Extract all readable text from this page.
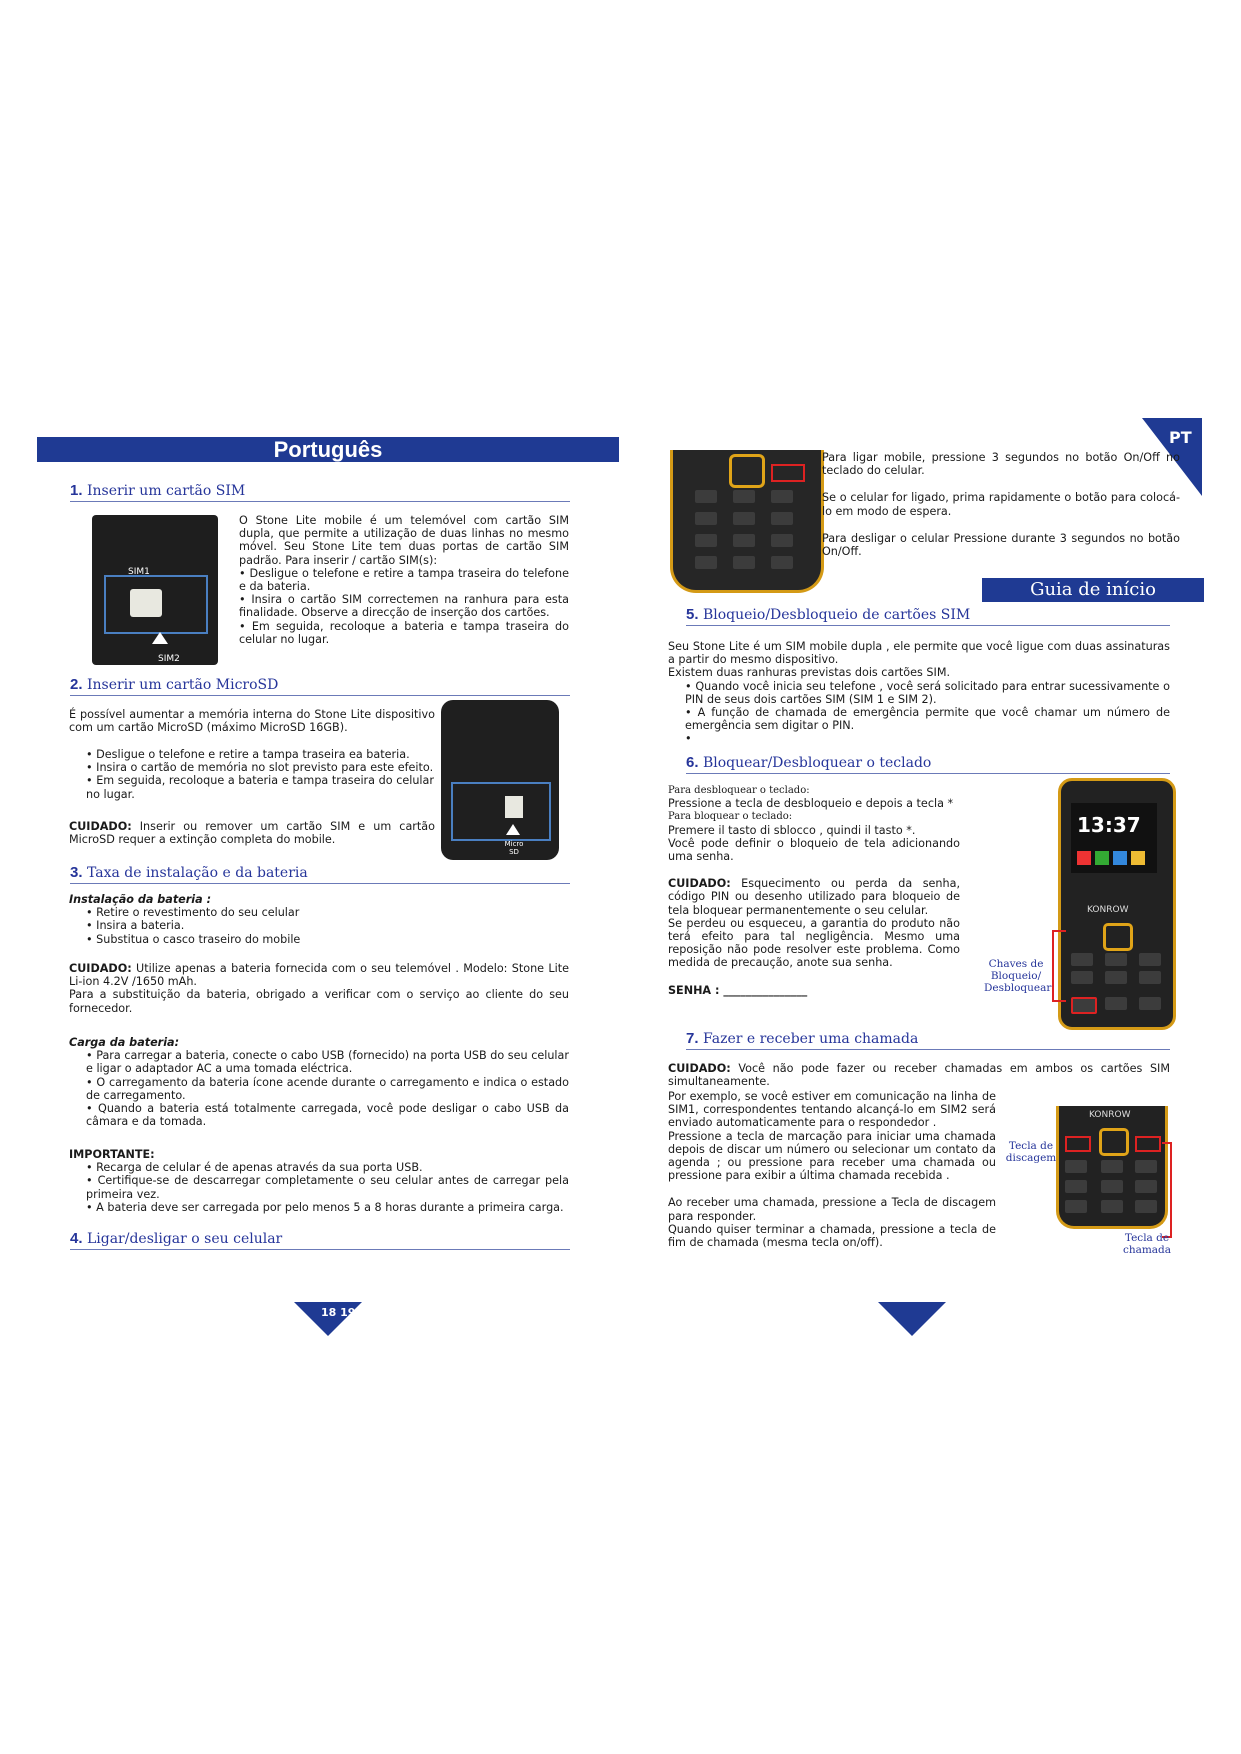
Português
1. Inserir um cartão SIM
SIM1
SIM2

O Stone Lite mobile é um telemóvel com cartão SIM dupla, que permite a utilização de duas linhas no mesmo móvel. Seu Stone Lite tem duas portas de cartão SIM padrão. Para inserir / cartão SIM(s):

• Desligue o telefone e retire a tampa traseira do telefone e da bateria.

• Insira o cartão SIM correctemen na ranhura para esta finalidade. Observe a direcção de inserção dos cartões.

• Em seguida, recoloque a bateria e tampa traseira do celular no lugar.

2. Inserir um cartão MicroSD
Micro SD

É possível aumentar a memória interna do Stone Lite dispositivo com um cartão MicroSD (máximo MicroSD 16GB).

• Desligue o telefone e retire a tampa traseira ea bateria.

• Insira o cartão de memória no slot previsto para este efeito.

• Em seguida, recoloque a bateria e tampa traseira do celular no lugar.

CUIDADO: Inserir ou remover um cartão SIM e um cartão MicroSD requer a extinção completa do mobile.
3. Taxa de instalação e da bateria

Instalação da bateria :

• Retire o revestimento do seu celular

• Insira a bateria.

• Substitua o casco traseiro do mobile

CUIDADO: Utilize apenas a bateria fornecida com o seu telemóvel . Modelo: Stone Lite Li-ion 4.2V /1650 mAh.

Para a substituição da bateria, obrigado a verificar com o serviço ao cliente do seu fornecedor.

Carga da bateria:

• Para carregar a bateria, conecte o cabo USB (fornecido) na porta USB do seu celular e ligar o adaptador AC a uma tomada eléctrica.

• O carregamento da bateria ícone acende durante o carregamento e indica o estado de carregamento.

• Quando a bateria está totalmente carregada, você pode desligar o cabo USB da câmara e da tomada.

IMPORTANTE:

• Recarga de celular é de apenas através da sua porta USB.

• Certifique-se de descarregar completamente o seu celular antes de carregar pela primeira vez.

• A bateria deve ser carregada por pelo menos 5 a 8 horas durante a primeira carga.

4. Ligar/desligar o seu celular
18 19
PT

Para ligar mobile, pressione 3 segundos no botão On/Off no teclado do celular.

Se o celular for ligado, prima rapidamente o botão para colocá-lo em modo de espera.

Para desligar o celular Pressione durante 3 segundos no botão On/Off.

Guia de início
5. Bloqueio/Desbloqueio de cartões SIM

Seu Stone Lite é um SIM mobile dupla , ele permite que você ligue com duas assinaturas a partir do mesmo dispositivo.

Existem duas ranhuras previstas dois cartões SIM.

• Quando você inicia seu telefone , você será solicitado para entrar sucessivamente o PIN de seus dois cartões SIM (SIM 1 e SIM 2).

• A função de chamada de emergência permite que você chamar um número de emergência sem digitar o PIN.

•

6. Bloquear/Desbloquear o teclado

Para desbloquear o teclado:

Pressione a tecla de desbloqueio e depois a tecla *

Para bloquear o teclado:

Premere il tasto di sblocco , quindi il tasto *.

Você pode definir o bloqueio de tela adicionando uma senha.

CUIDADO: Esquecimento ou perda da senha, código PIN ou desenho utilizado para bloqueio de tela bloquear permanentemente o seu celular.

Se perdeu ou esqueceu, a garantia do produto não terá efeito para tal negligência. Mesmo uma reposição não pode resolver este problema. Como medida de precaução, anote sua senha.

SENHA : _______________

13:37
KONROW
Chaves de Bloqueio/ Desbloquear
7. Fazer e receber uma chamada

CUIDADO: Você não pode fazer ou receber chamadas em ambos os cartões SIM simultaneamente.

Por exemplo, se você estiver em comunicação na linha de SIM1, correspondentes tentando alcançá-lo em SIM2 será enviado automaticamente para o respondedor .

Pressione a tecla de marcação para iniciar uma chamada depois de discar um número ou selecionar um contato da agenda ; ou pressione para receber uma chamada ou pressione para exibir a última chamada recebida .

Ao receber uma chamada, pressione a Tecla de discagem para responder.

Quando quiser terminar a chamada, pressione a tecla de fim de chamada (mesma tecla on/off).

KONROW
Tecla de discagem
Tecla de chamada
